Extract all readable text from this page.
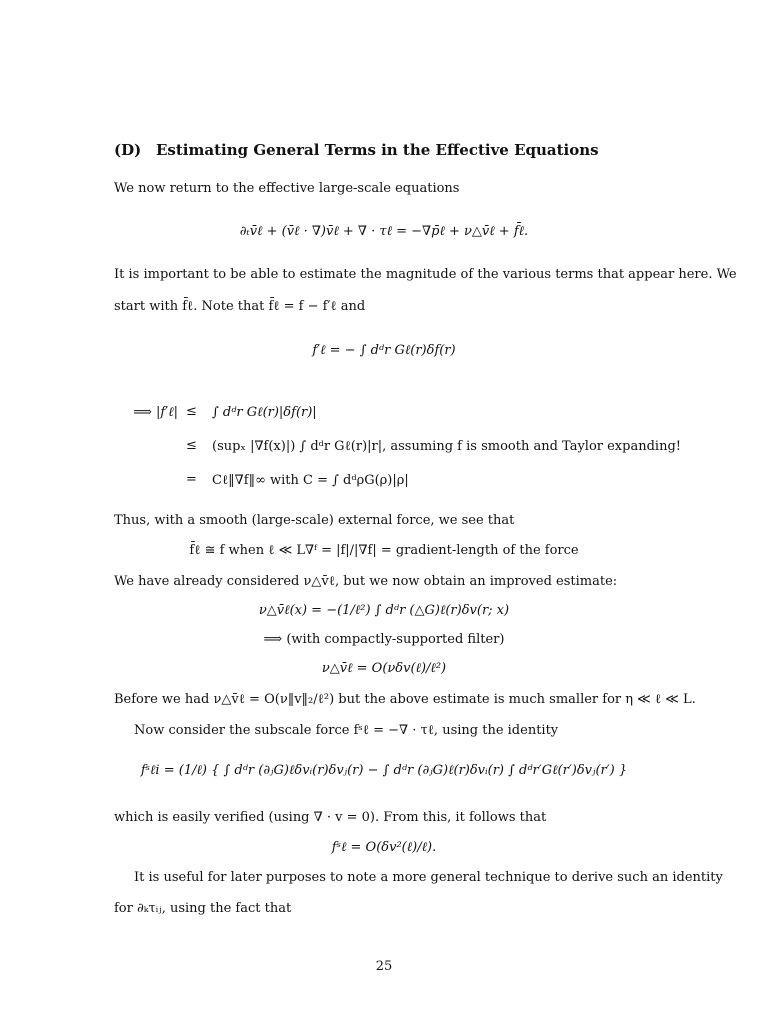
(D) Estimating General Terms in the Effective Equations
We now return to the effective large-scale equations
∂ₜv̄ℓ + (v̄ℓ · ∇)v̄ℓ + ∇ · τℓ = −∇p̄ℓ + ν△v̄ℓ + f̄ℓ.
It is important to be able to estimate the magnitude of the various terms that appear here. We
start with f̄ℓ. Note that f̄ℓ = f − f′ℓ and
f′ℓ = − ∫ dᵈr Gℓ(r)δf(r)
⟹ |f′ℓ| ≤ ∫ dᵈr Gℓ(r)|δf(r)|
≤ (supₓ |∇f(x)|) ∫ dᵈr Gℓ(r)|r|, assuming f is smooth and Taylor expanding!
= Cℓ‖∇f‖∞ with C = ∫ dᵈρG(ρ)|ρ|
Thus, with a smooth (large-scale) external force, we see that
f̄ℓ ≅ f when ℓ ≪ L∇ᶠ = |f|/|∇f| = gradient-length of the force
We have already considered ν△v̄ℓ, but we now obtain an improved estimate:
ν△v̄ℓ(x) = −(1/ℓ²) ∫ dᵈr (△G)ℓ(r)δv(r; x)
⟹ (with compactly-supported filter)
ν△v̄ℓ = O(νδv(ℓ)/ℓ²)
Before we had ν△v̄ℓ = O(ν‖v‖₂/ℓ²) but the above estimate is much smaller for η ≪ ℓ ≪ L.
Now consider the subscale force fˢℓ = −∇ · τℓ, using the identity
fˢℓi = (1/ℓ) { ∫ dᵈr (∂ⱼG)ℓδvᵢ(r)δvⱼ(r) − ∫ dᵈr (∂ⱼG)ℓ(r)δvᵢ(r) ∫ dᵈr′Gℓ(r′)δvⱼ(r′) }
which is easily verified (using ∇ · v = 0). From this, it follows that
fˢℓ = O(δv²(ℓ)/ℓ).
It is useful for later purposes to note a more general technique to derive such an identity
for ∂ₖτᵢⱼ, using the fact that
25
